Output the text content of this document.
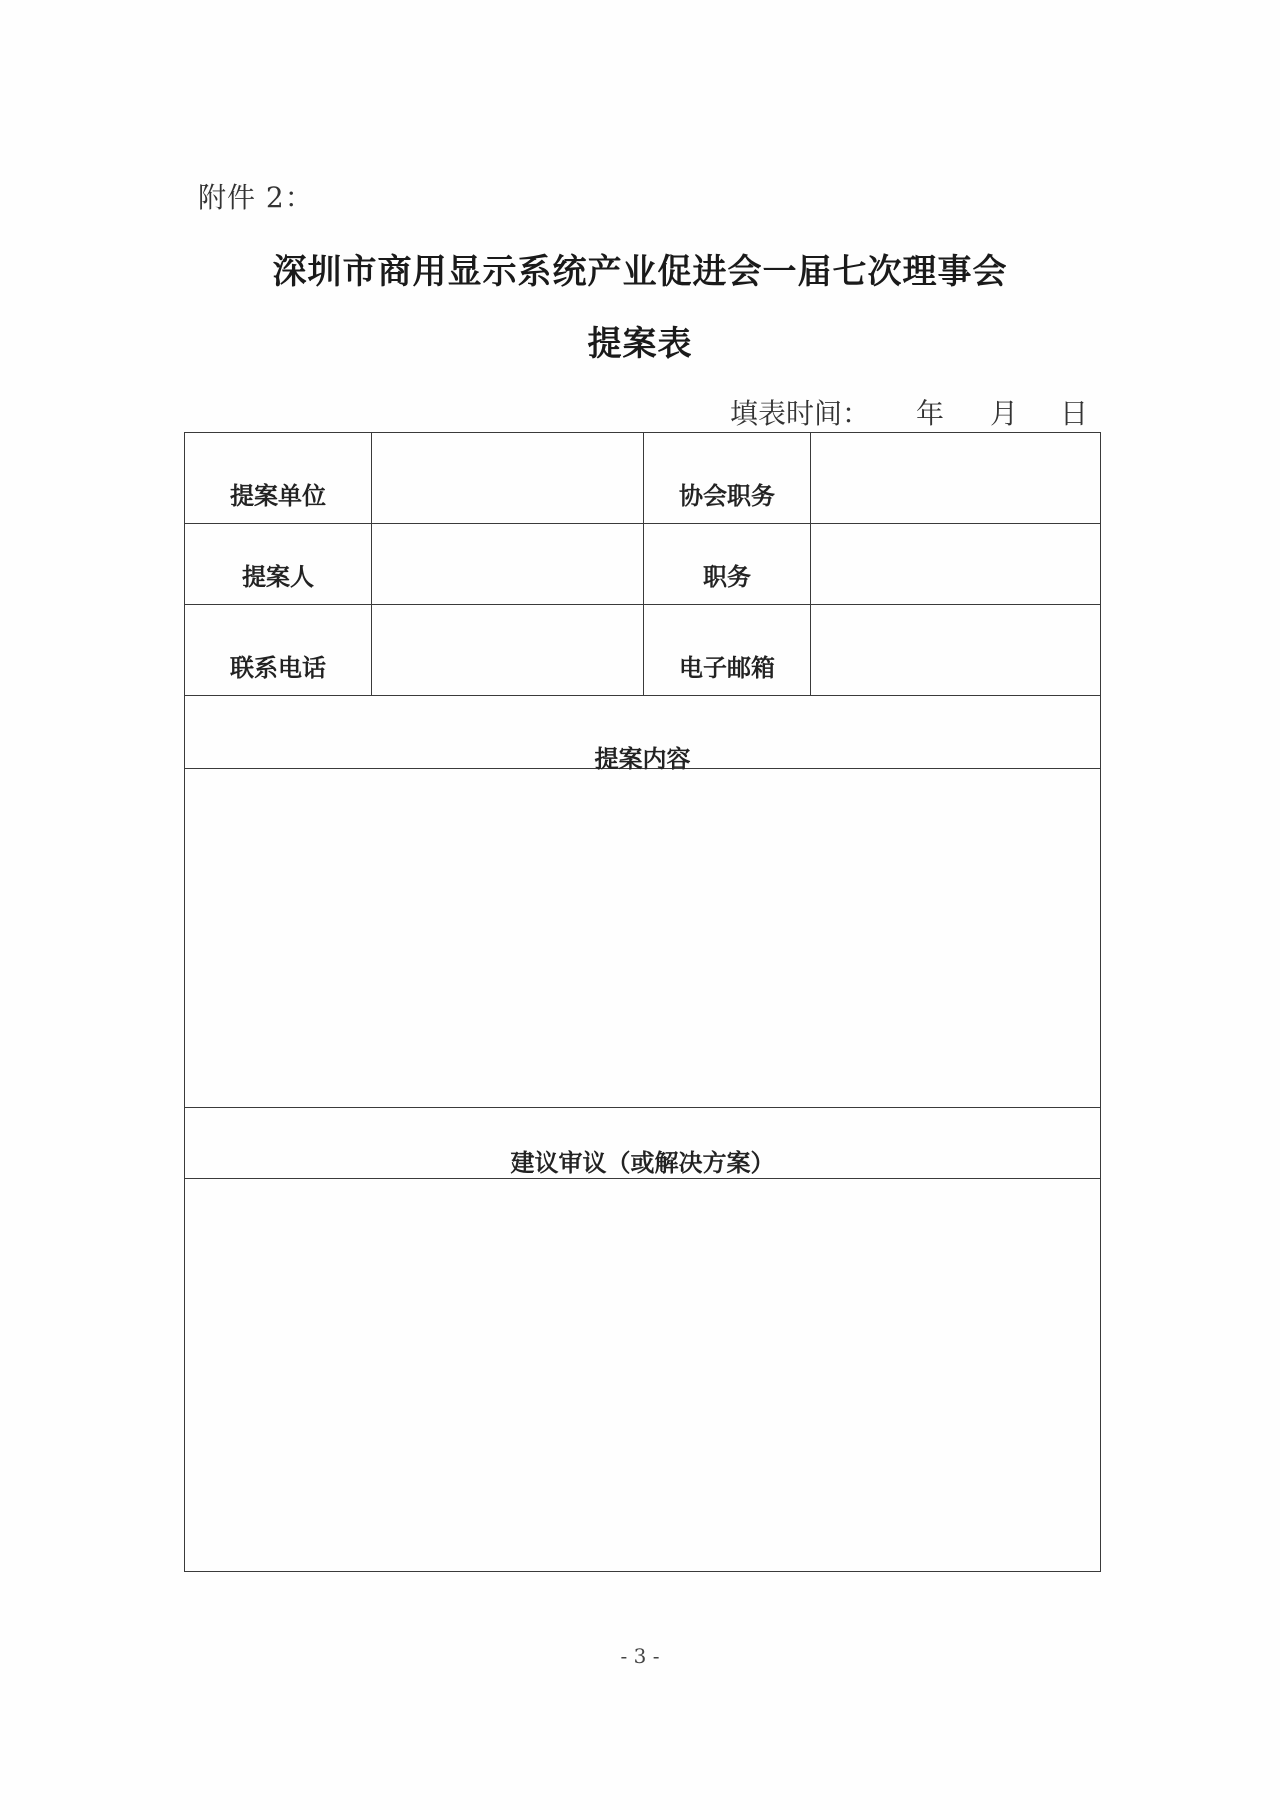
附件 2：
深圳市商用显示系统产业促进会一届七次理事会
提案表
填表时间： 年 月 日
提案单位		协会职务	
提案人		职务	
联系电话		电子邮箱	
提案内容			

建议审议（或解决方案）			

- 3 -
